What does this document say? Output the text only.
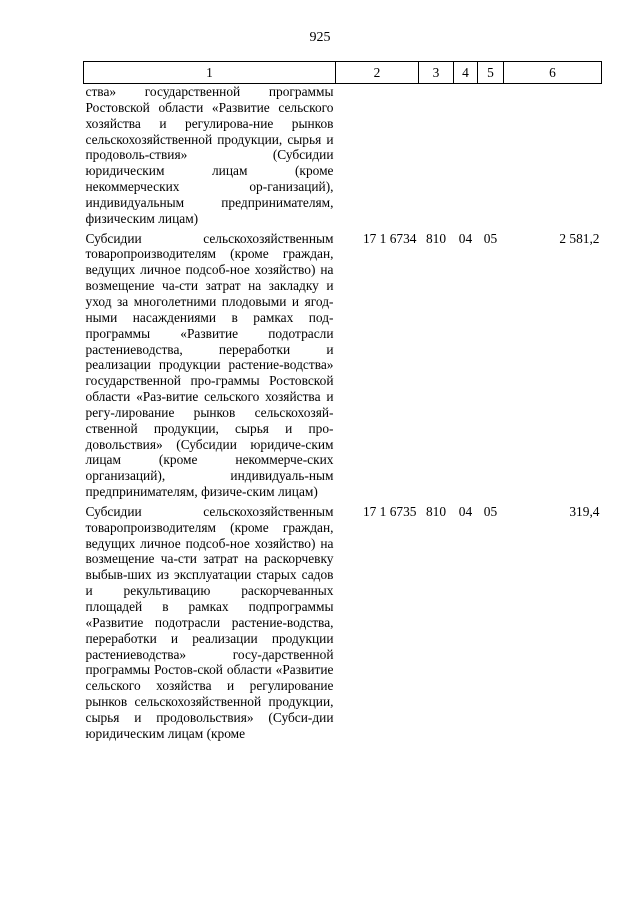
925
1	2	3	4	5	6
ства» государственной программы Ростовской области «Развитие сельского хозяйства и регулирова-ние рынков сельскохозяйственной продукции, сырья и продоволь-ствия» (Субсидии юридическим лицам (кроме некоммерческих ор-ганизаций), индивидуальным предпринимателям, физическим лицам)					
Субсидии сельскохозяйственным товаропроизводителям (кроме граждан, ведущих личное подсоб-ное хозяйство) на возмещение ча-сти затрат на закладку и уход за многолетними плодовыми и ягод-ными насаждениями в рамках под-программы «Развитие подотрасли растениеводства, переработки и реализации продукции растение-водства» государственной про-граммы Ростовской области «Раз-витие сельского хозяйства и регу-лирование рынков сельскохозяй-ственной продукции, сырья и про-довольствия» (Субсидии юридиче-ским лицам (кроме некоммерче-ских организаций), индивидуаль-ным предпринимателям, физиче-ским лицам)	17 1 6734	810	04	05	2 581,2
Субсидии сельскохозяйственным товаропроизводителям (кроме граждан, ведущих личное подсоб-ное хозяйство) на возмещение ча-сти затрат на раскорчевку выбыв-ших из эксплуатации старых садов и рекультивацию раскорчеванных площадей в рамках подпрограммы «Развитие подотрасли растение-водства, переработки и реализации продукции растениеводства» госу-дарственной программы Ростов-ской области «Развитие сельского хозяйства и регулирование рынков сельскохозяйственной продукции, сырья и продовольствия» (Субси-дии юридическим лицам (кроме	17 1 6735	810	04	05	319,4
